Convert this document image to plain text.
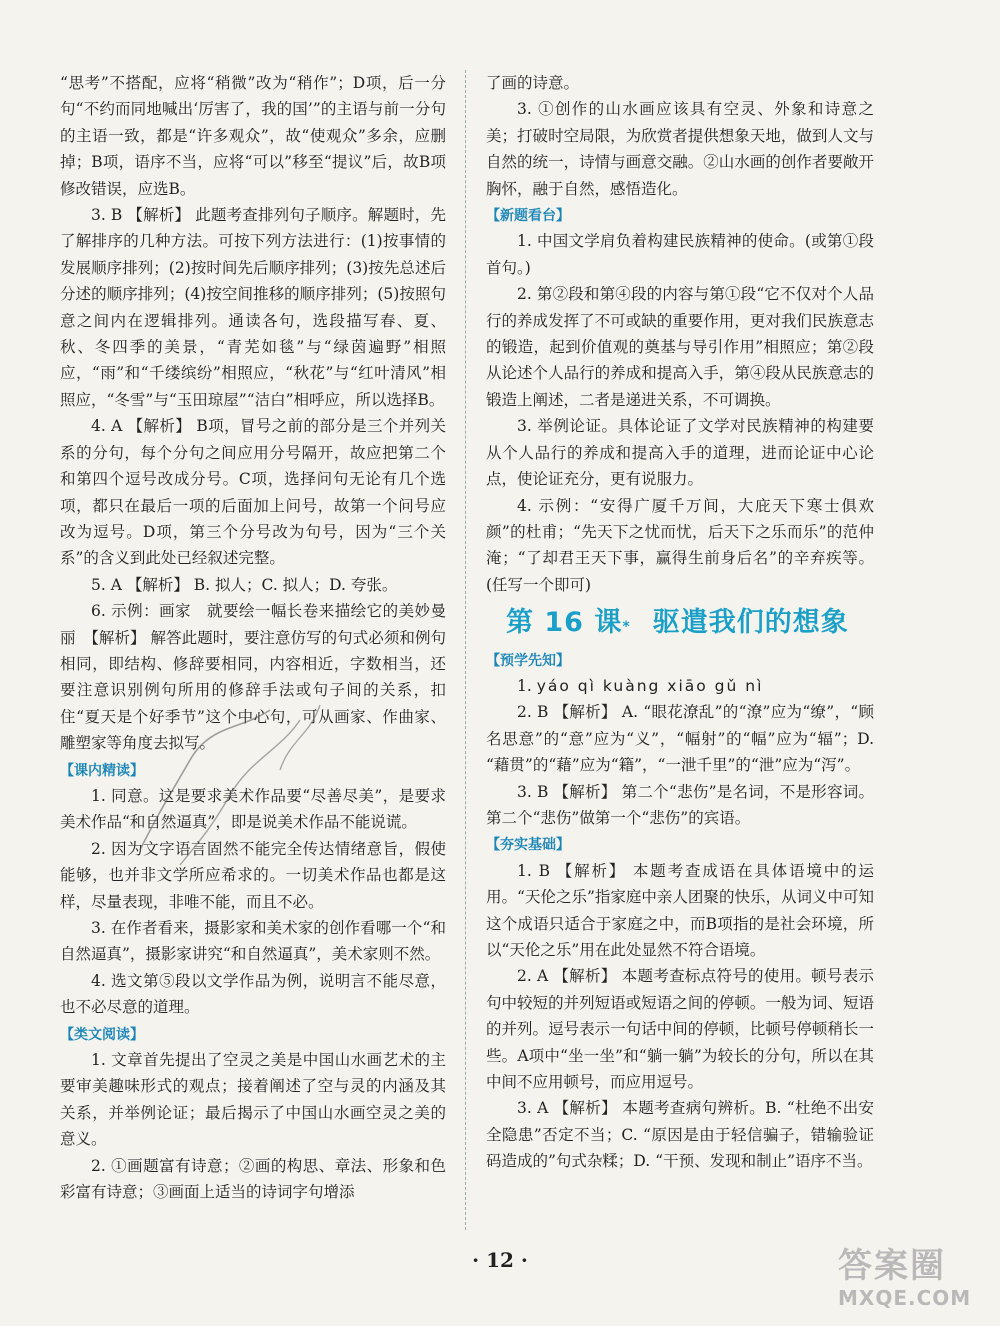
“思考”不搭配，应将“稍微”改为“稍作”；D项，后一分句“不约而同地喊出‘厉害了，我的国’”的主语与前一分句的主语一致，都是“许多观众”，故“使观众”多余，应删掉；B项，语序不当，应将“可以”移至“提议”后，故B项修改错误，应选B。

3. B 【解析】 此题考查排列句子顺序。解题时，先了解排序的几种方法。可按下列方法进行：(1)按事情的发展顺序排列；(2)按时间先后顺序排列；(3)按先总述后分述的顺序排列；(4)按空间推移的顺序排列；(5)按照句意之间内在逻辑排列。通读各句，选段描写春、夏、秋、冬四季的美景，“青芜如毯”与“绿茵遍野”相照应，“雨”和“千缕缤纷”相照应，“秋花”与“红叶清风”相照应，“冬雪”与“玉田琼屋”“洁白”相呼应，所以选择B。

4. A 【解析】 B项，冒号之前的部分是三个并列关系的分句，每个分句之间应用分号隔开，故应把第二个和第四个逗号改成分号。C项，选择问句无论有几个选项，都只在最后一项的后面加上问号，故第一个问号应改为逗号。D项，第三个分号改为句号，因为“三个关系”的含义到此处已经叙述完整。

5. A 【解析】 B. 拟人；C. 拟人；D. 夸张。

6. 示例：画家　就要绘一幅长卷来描绘它的美妙曼丽　【解析】 解答此题时，要注意仿写的句式必须和例句相同，即结构、修辞要相同，内容相近，字数相当，还要注意识别例句所用的修辞手法或句子间的关系，扣住“夏天是个好季节”这个中心句，可从画家、作曲家、雕塑家等角度去拟写。

【课内精读】

1. 同意。这是要求美术作品要“尽善尽美”，是要求美术作品“和自然逼真”，即是说美术作品不能说谎。

2. 因为文字语言固然不能完全传达情绪意旨，假使能够，也并非文学所应希求的。一切美术作品也都是这样，尽量表现，非唯不能，而且不必。

3. 在作者看来，摄影家和美术家的创作看哪一个“和自然逼真”，摄影家讲究“和自然逼真”，美术家则不然。

4. 选文第⑤段以文学作品为例，说明言不能尽意，也不必尽意的道理。

【类文阅读】

1. 文章首先提出了空灵之美是中国山水画艺术的主要审美趣味形式的观点；接着阐述了空与灵的内涵及其关系，并举例论证；最后揭示了中国山水画空灵之美的意义。

2. ①画题富有诗意；②画的构思、章法、形象和色彩富有诗意；③画面上适当的诗词字句增添

了画的诗意。

3. ①创作的山水画应该具有空灵、外象和诗意之美；打破时空局限，为欣赏者提供想象天地，做到人文与自然的统一，诗情与画意交融。②山水画的创作者要敞开胸怀，融于自然，感悟造化。

【新题看台】

1. 中国文学肩负着构建民族精神的使命。(或第①段首句。)

2. 第②段和第④段的内容与第①段“它不仅对个人品行的养成发挥了不可或缺的重要作用，更对我们民族意志的锻造，起到价值观的奠基与导引作用”相照应；第②段从论述个人品行的养成和提高入手，第④段从民族意志的锻造上阐述，二者是递进关系，不可调换。

3. 举例论证。具体论证了文学对民族精神的构建要从个人品行的养成和提高入手的道理，进而论证中心论点，使论证充分，更有说服力。

4. 示例：“安得广厦千万间，大庇天下寒士俱欢颜”的杜甫；“先天下之忧而忧，后天下之乐而乐”的范仲淹；“了却君王天下事，赢得生前身后名”的辛弃疾等。(任写一个即可)

第 16 课 * 驱遣我们的想象
【预学先知】

1. yáo qì kuàng xiāo gǔ nì

2. B 【解析】 A. “眼花潦乱”的“潦”应为“缭”，“顾名思意”的“意”应为“义”，“幅射”的“幅”应为“辐”；D. “藉贯”的“藉”应为“籍”，“一泄千里”的“泄”应为“泻”。

3. B 【解析】 第二个“悲伤”是名词，不是形容词。第二个“悲伤”做第一个“悲伤”的宾语。

【夯实基础】

1. B 【解析】 本题考查成语在具体语境中的运用。“天伦之乐”指家庭中亲人团聚的快乐，从词义中可知这个成语只适合于家庭之中，而B项指的是社会环境，所以“天伦之乐”用在此处显然不符合语境。

2. A 【解析】 本题考查标点符号的使用。顿号表示句中较短的并列短语或短语之间的停顿。一般为词、短语的并列。逗号表示一句话中间的停顿，比顿号停顿稍长一些。A项中“坐一坐”和“躺一躺”为较长的分句，所以在其中间不应用顿号，而应用逗号。

3. A 【解析】 本题考查病句辨析。B. “杜绝不出安全隐患”否定不当；C. “原因是由于轻信骗子，错输验证码造成的”句式杂糅；D. “干预、发现和制止”语序不当。

· 12 ·	答案圈
MXQE.COM
